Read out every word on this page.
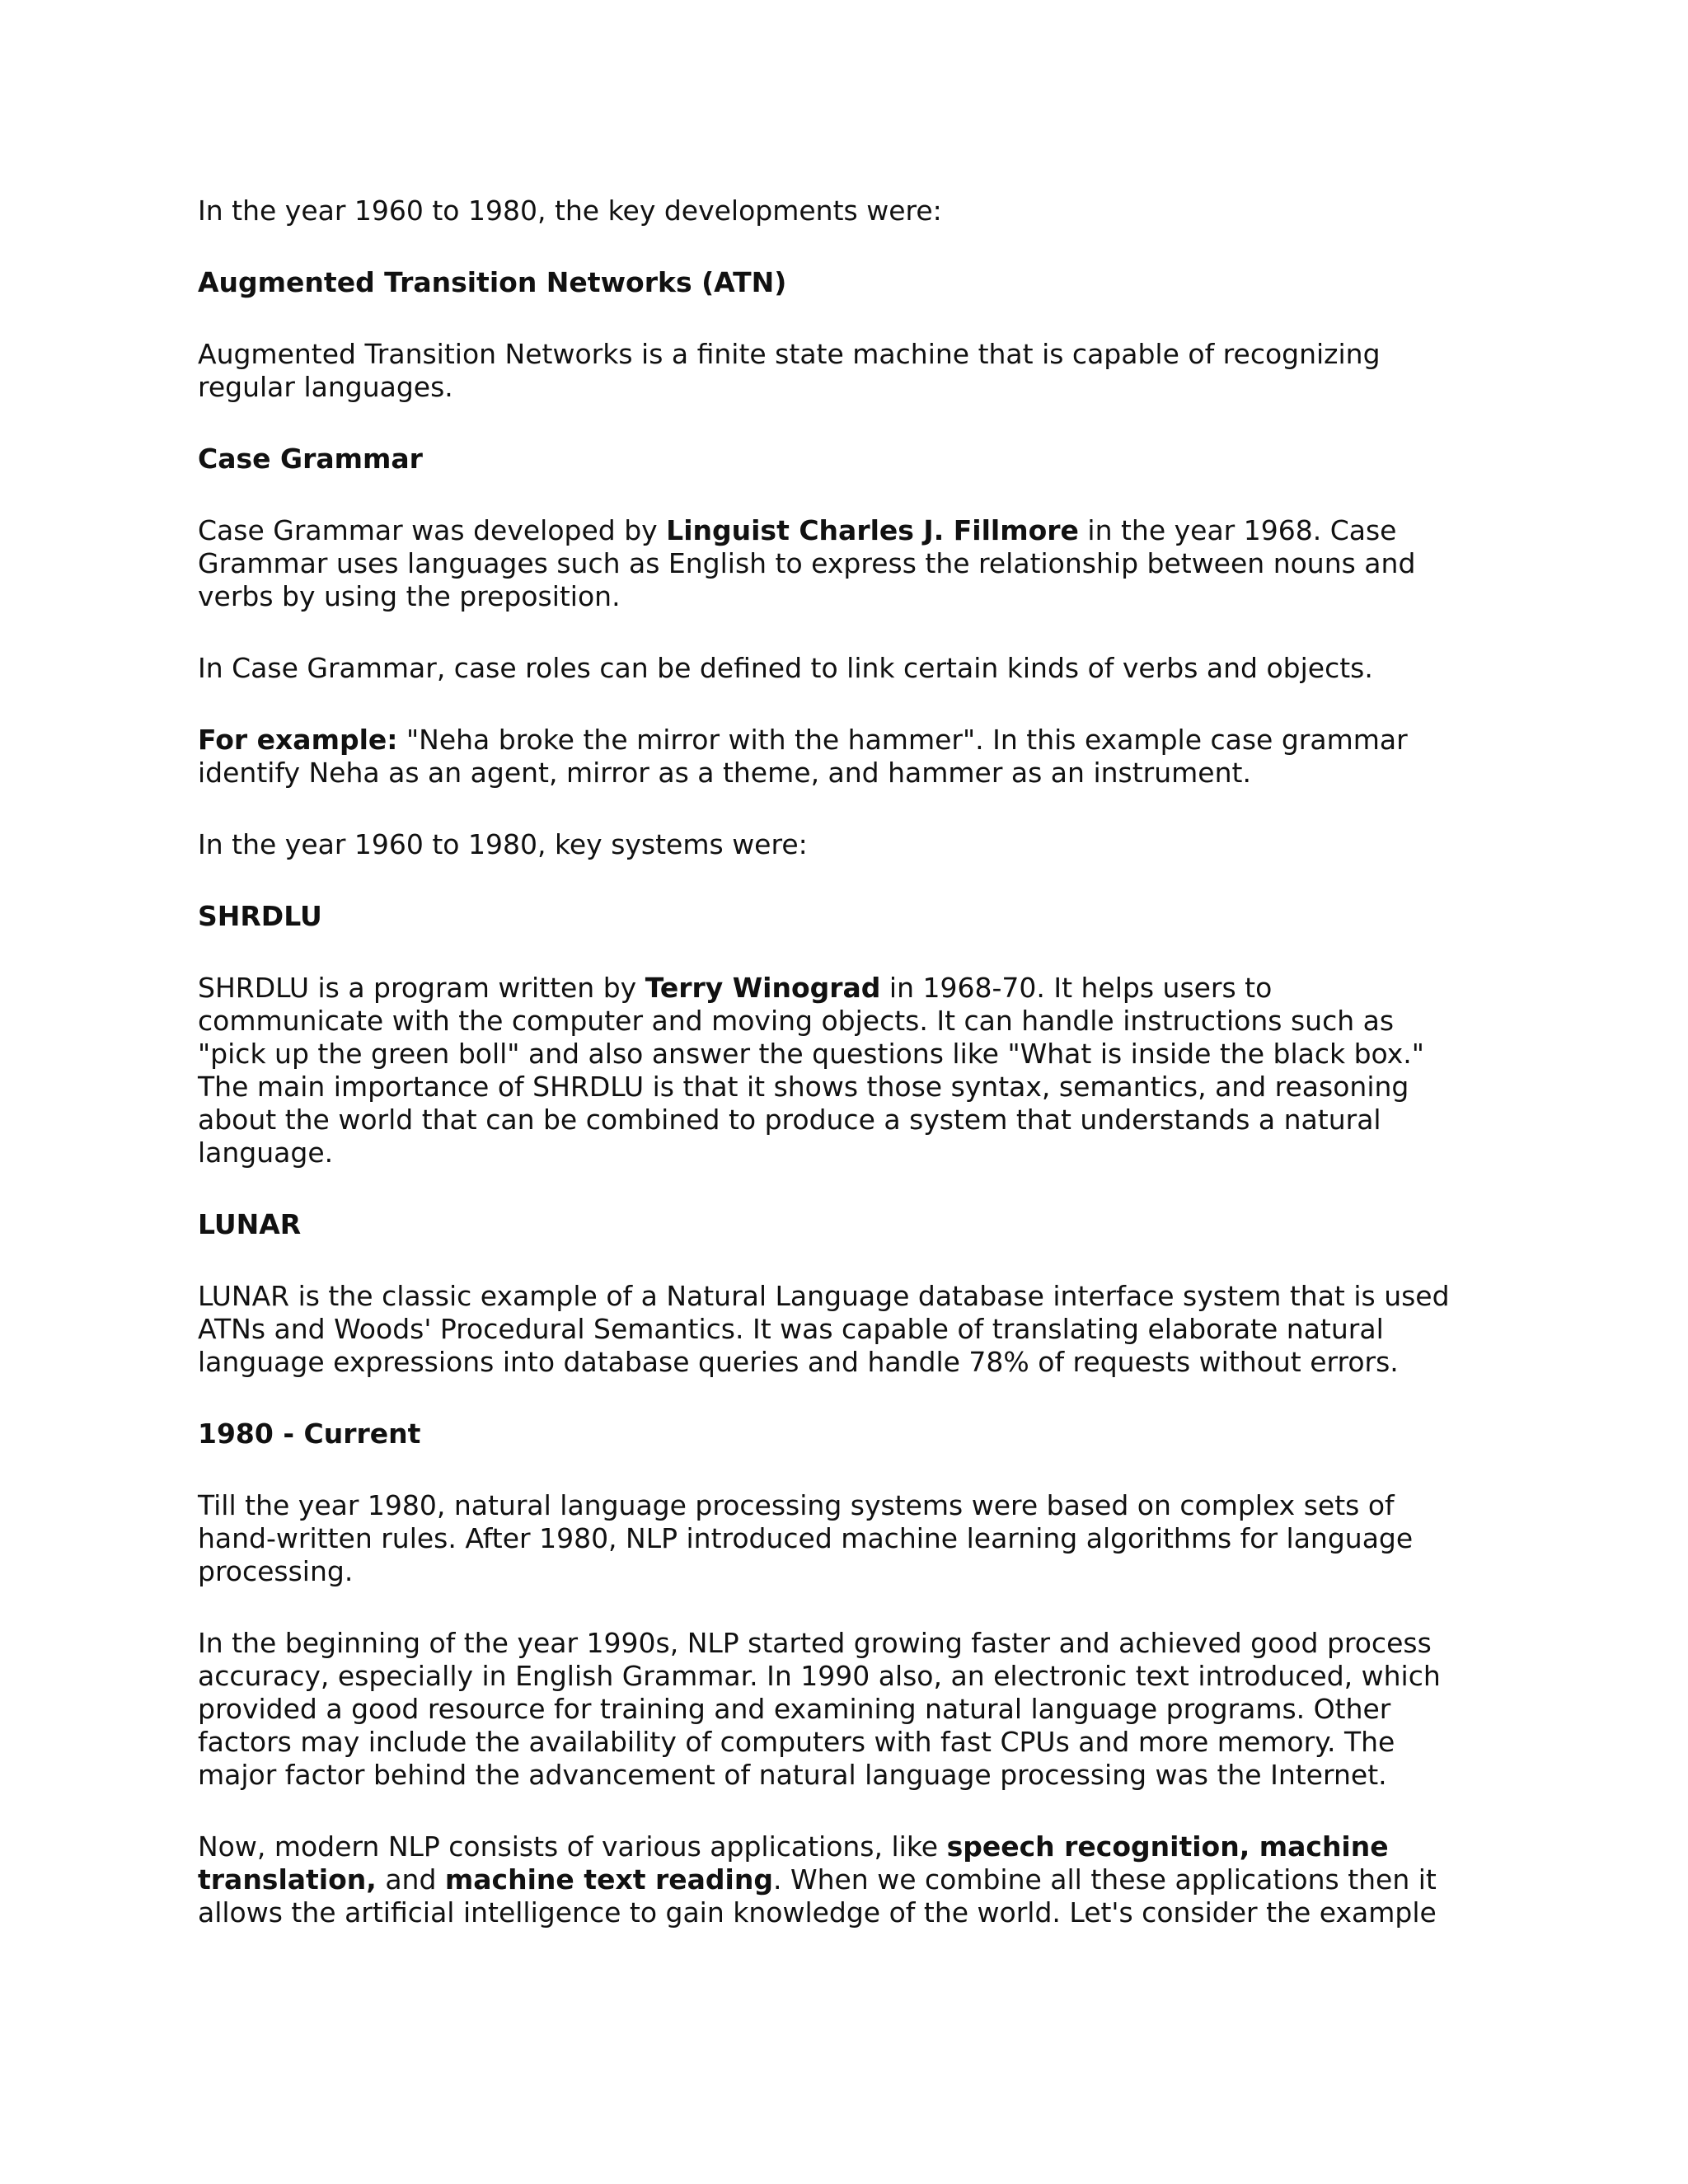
In the year 1960 to 1980, the key developments were:

Augmented Transition Networks (ATN)

Augmented Transition Networks is a finite state machine that is capable of recognizing
regular languages.

Case Grammar

Case Grammar was developed by Linguist Charles J. Fillmore in the year 1968. Case
Grammar uses languages such as English to express the relationship between nouns and
verbs by using the preposition.

In Case Grammar, case roles can be defined to link certain kinds of verbs and objects.

For example: "Neha broke the mirror with the hammer". In this example case grammar
identify Neha as an agent, mirror as a theme, and hammer as an instrument.

In the year 1960 to 1980, key systems were:

SHRDLU

SHRDLU is a program written by Terry Winograd in 1968-70. It helps users to
communicate with the computer and moving objects. It can handle instructions such as
"pick up the green boll" and also answer the questions like "What is inside the black box."
The main importance of SHRDLU is that it shows those syntax, semantics, and reasoning
about the world that can be combined to produce a system that understands a natural
language.

LUNAR

LUNAR is the classic example of a Natural Language database interface system that is used
ATNs and Woods' Procedural Semantics. It was capable of translating elaborate natural
language expressions into database queries and handle 78% of requests without errors.

1980 - Current

Till the year 1980, natural language processing systems were based on complex sets of
hand-written rules. After 1980, NLP introduced machine learning algorithms for language
processing.

In the beginning of the year 1990s, NLP started growing faster and achieved good process
accuracy, especially in English Grammar. In 1990 also, an electronic text introduced, which
provided a good resource for training and examining natural language programs. Other
factors may include the availability of computers with fast CPUs and more memory. The
major factor behind the advancement of natural language processing was the Internet.

Now, modern NLP consists of various applications, like speech recognition, machine
translation, and machine text reading. When we combine all these applications then it
allows the artificial intelligence to gain knowledge of the world. Let's consider the example
